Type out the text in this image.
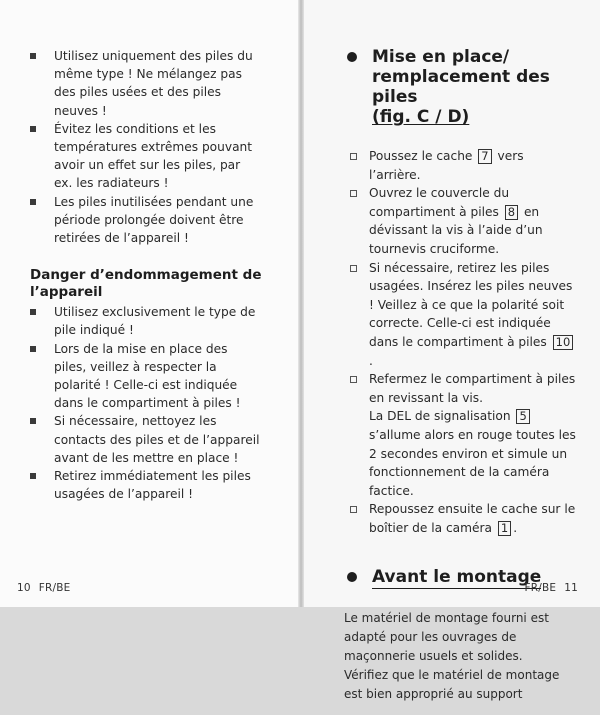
Utilisez uniquement des piles du même type ! Ne mélangez pas des piles usées et des piles neuves !
Évitez les conditions et les températures extrêmes pouvant avoir un effet sur les piles, par ex. les radiateurs !
Les piles inutilisées pendant une période prolongée doivent être retirées de l’appareil !
Danger d’endommagement de l’appareil
Utilisez exclusivement le type de pile indiqué !
Lors de la mise en place des piles, veillez à respecter la polarité ! Celle-ci est indiquée dans le compartiment à piles !
Si nécessaire, nettoyez les contacts des piles et de l’appareil avant de les mettre en place !
Retirez immédiatement les piles usagées de l’appareil !
10 FR/BE
Mise en place/
remplacement des piles
(fig. C / D)
Poussez le cache 7 vers l’arrière.
Ouvrez le couvercle du compartiment à piles 8 en dévissant la vis à l’aide d’un tournevis cruciforme.
Si nécessaire, retirez les piles usagées. Insérez les piles neuves ! Veillez à ce que la polarité soit correcte. Celle-ci est indiquée dans le compartiment à piles 10.
Refermez le compartiment à piles en revissant la vis.
La DEL de signalisation 5 s’allume alors en rouge toutes les 2 secondes environ et simule un fonctionnement de la caméra factice.
Repoussez ensuite le cache sur le boîtier de la caméra 1 .
Avant le montage

Le matériel de montage fourni est adapté pour les ouvrages de maçonnerie usuels et solides. Vérifiez que le matériel de montage est bien approprié au support

FR/BE 11
